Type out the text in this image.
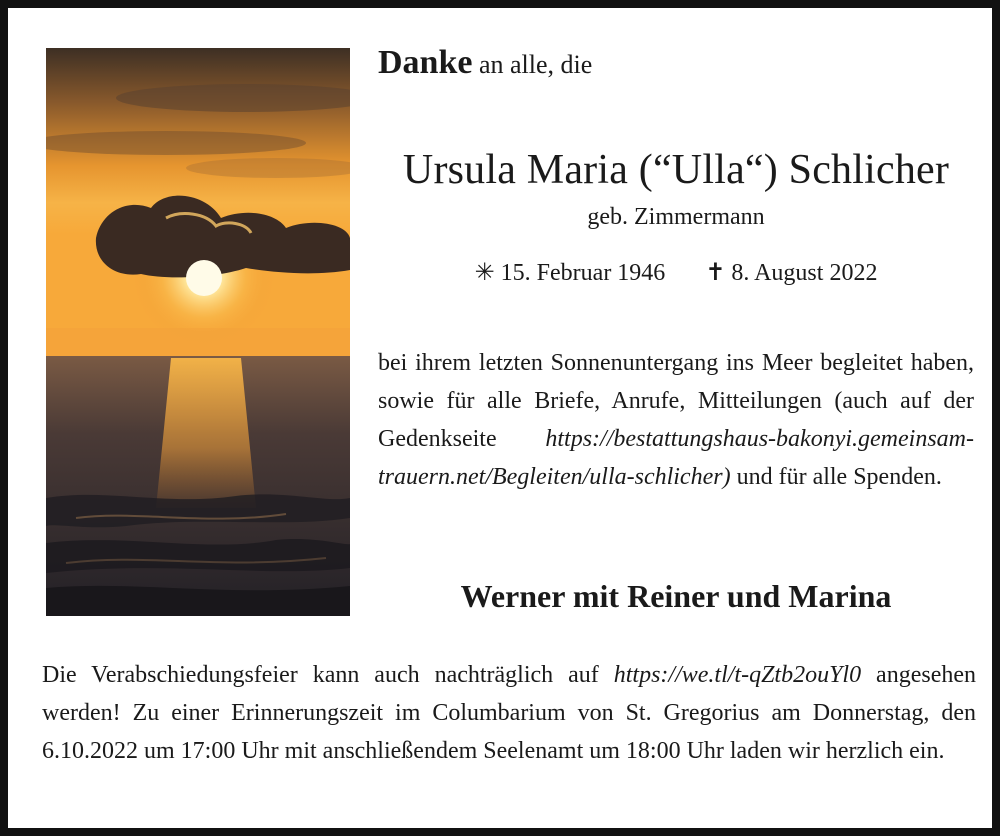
Danke an alle, die
Ursula Maria (“Ulla“) Schlicher
geb. Zimmermann
✳ 15. Februar 1946 ✝ 8. August 2022
bei ihrem letzten Sonnenuntergang ins Meer begleitet haben, sowie für alle Briefe, Anrufe, Mitteilungen (auch auf der Gedenkseite https://bestattungshaus-bakonyi.gemeinsam-trauern.net/Begleiten/ulla-schlicher) und für alle Spenden.
Werner mit Reiner und Marina
Die Verabschiedungsfeier kann auch nachträglich auf https://we.tl/t-qZtb2ouYl0 angesehen werden! Zu einer Erinnerungszeit im Columbarium von St. Gregorius am Donnerstag, den 6.10.2022 um 17:00 Uhr mit anschließendem Seelenamt um 18:00 Uhr laden wir herzlich ein.
